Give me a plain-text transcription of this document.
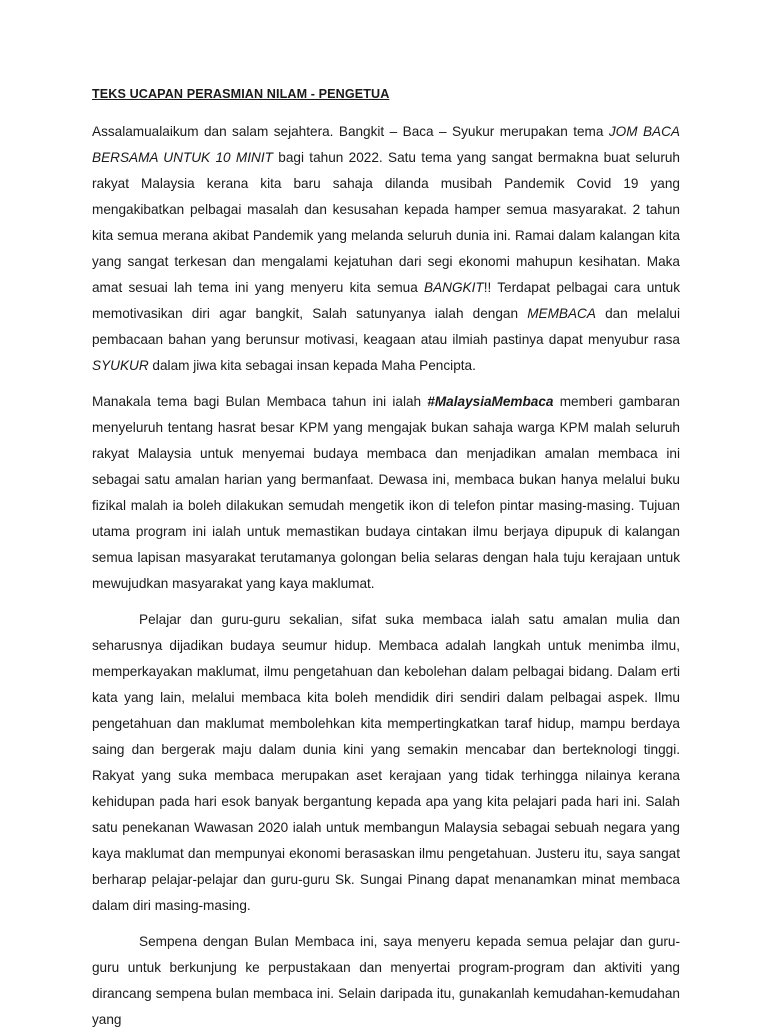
TEKS UCAPAN PERASMIAN NILAM - PENGETUA

Assalamualaikum dan salam sejahtera. Bangkit – Baca – Syukur merupakan tema JOM BACA BERSAMA UNTUK 10 MINIT bagi tahun 2022. Satu tema yang sangat bermakna buat seluruh rakyat Malaysia kerana kita baru sahaja dilanda musibah Pandemik Covid 19 yang mengakibatkan pelbagai masalah dan kesusahan kepada hamper semua masyarakat. 2 tahun kita semua merana akibat Pandemik yang melanda seluruh dunia ini. Ramai dalam kalangan kita yang sangat terkesan dan mengalami kejatuhan dari segi ekonomi mahupun kesihatan. Maka amat sesuai lah tema ini yang menyeru kita semua BANGKIT!! Terdapat pelbagai cara untuk memotivasikan diri agar bangkit, Salah satunyanya ialah dengan MEMBACA dan melalui pembacaan bahan yang berunsur motivasi, keagaan atau ilmiah pastinya dapat menyubur rasa SYUKUR dalam jiwa kita sebagai insan kepada Maha Pencipta.

Manakala tema bagi Bulan Membaca tahun ini ialah #MalaysiaMembaca memberi gambaran menyeluruh tentang hasrat besar KPM yang mengajak bukan sahaja warga KPM malah seluruh rakyat Malaysia untuk menyemai budaya membaca dan menjadikan amalan membaca ini sebagai satu amalan harian yang bermanfaat. Dewasa ini, membaca bukan hanya melalui buku fizikal malah ia boleh dilakukan semudah mengetik ikon di telefon pintar masing-masing. Tujuan utama program ini ialah untuk memastikan budaya cintakan ilmu berjaya dipupuk di kalangan semua lapisan masyarakat terutamanya golongan belia selaras dengan hala tuju kerajaan untuk mewujudkan masyarakat yang kaya maklumat.

Pelajar dan guru-guru sekalian, sifat suka membaca ialah satu amalan mulia dan seharusnya dijadikan budaya seumur hidup. Membaca adalah langkah untuk menimba ilmu, memperkayakan maklumat, ilmu pengetahuan dan kebolehan dalam pelbagai bidang. Dalam erti kata yang lain, melalui membaca kita boleh mendidik diri sendiri dalam pelbagai aspek. Ilmu pengetahuan dan maklumat membolehkan kita mempertingkatkan taraf hidup, mampu berdaya saing dan bergerak maju dalam dunia kini yang semakin mencabar dan berteknologi tinggi. Rakyat yang suka membaca merupakan aset kerajaan yang tidak terhingga nilainya kerana kehidupan pada hari esok banyak bergantung kepada apa yang kita pelajari pada hari ini. Salah satu penekanan Wawasan 2020 ialah untuk membangun Malaysia sebagai sebuah negara yang kaya maklumat dan mempunyai ekonomi berasaskan ilmu pengetahuan. Justeru itu, saya sangat berharap pelajar-pelajar dan guru-guru Sk. Sungai Pinang dapat menanamkan minat membaca dalam diri masing-masing.

Sempena dengan Bulan Membaca ini, saya menyeru kepada semua pelajar dan guru-guru untuk berkunjung ke perpustakaan dan menyertai program-program dan aktiviti yang dirancang sempena bulan membaca ini. Selain daripada itu, gunakanlah kemudahan-kemudahan yang
